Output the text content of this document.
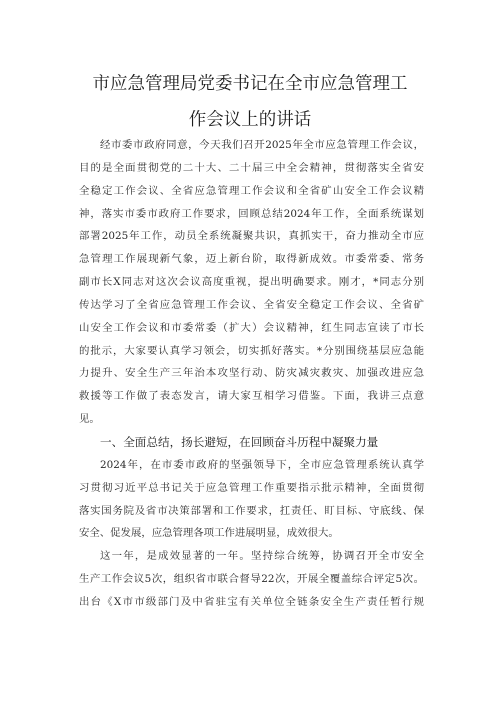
市应急管理局党委书记在全市应急管理工
作会议上的讲话
经市委市政府同意，今天我们召开2025年全市应急管理工作会议，
目的是全面贯彻党的二十大、二十届三中全会精神，贯彻落实全省安
全稳定工作会议、全省应急管理工作会议和全省矿山安全工作会议精
神，落实市委市政府工作要求，回顾总结2024年工作，全面系统谋划
部署2025年工作，动员全系统凝聚共识，真抓实干，奋力推动全市应
急管理工作展现新气象，迈上新台阶，取得新成效。市委常委、常务
副市长X同志对这次会议高度重视，提出明确要求。刚才，*同志分别
传达学习了全省应急管理工作会议、全省安全稳定工作会议、全省矿
山安全工作会议和市委常委（扩大）会议精神，红生同志宣读了市长
的批示，大家要认真学习领会，切实抓好落实。*分别围绕基层应急能
力提升、安全生产三年治本攻坚行动、防灾减灾救灾、加强改进应急
救援等工作做了表态发言，请大家互相学习借鉴。下面，我讲三点意
见。
一、全面总结，扬长避短，在回顾奋斗历程中凝聚力量
2024年，在市委市政府的坚强领导下，全市应急管理系统认真学
习贯彻习近平总书记关于应急管理工作重要指示批示精神，全面贯彻
落实国务院及省市决策部署和工作要求，扛责任、盯目标、守底线、保
安全、促发展，应急管理各项工作进展明显，成效很大。
这一年，是成效显著的一年。坚持综合统筹，协调召开全市安全
生产工作会议5次，组织省市联合督导22次，开展全覆盖综合评定5次。
出台《X市市级部门及中省驻宝有关单位全链条安全生产责任暂行规
